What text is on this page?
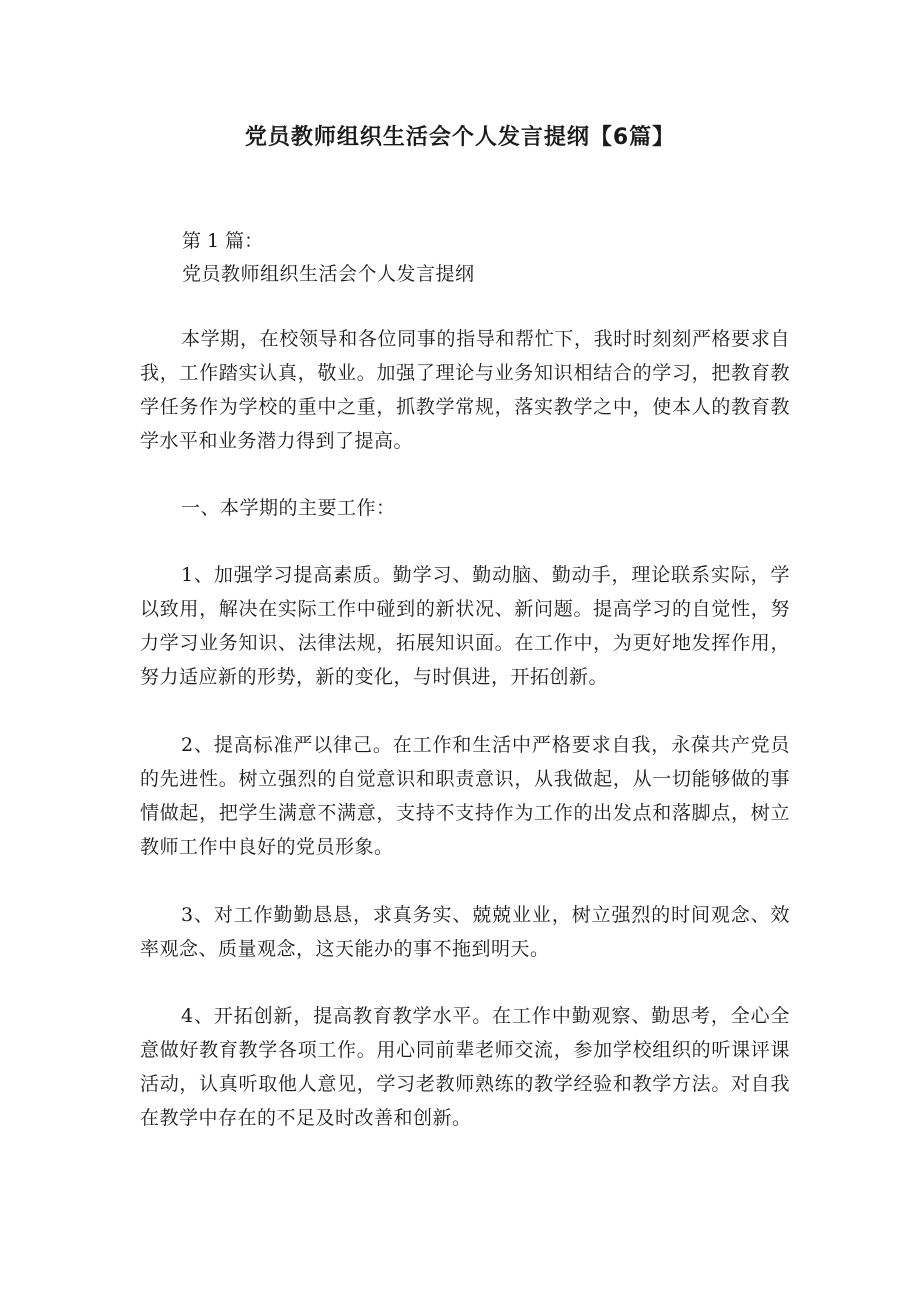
党员教师组织生活会个人发言提纲【6篇】

第 1 篇：

党员教师组织生活会个人发言提纲

本学期，在校领导和各位同事的指导和帮忙下，我时时刻刻严格要求自我，工作踏实认真，敬业。加强了理论与业务知识相结合的学习，把教育教学任务作为学校的重中之重，抓教学常规，落实教学之中，使本人的教育教学水平和业务潜力得到了提高。

一、本学期的主要工作：

1、加强学习提高素质。勤学习、勤动脑、勤动手，理论联系实际，学以致用，解决在实际工作中碰到的新状况、新问题。提高学习的自觉性，努力学习业务知识、法律法规，拓展知识面。在工作中，为更好地发挥作用，努力适应新的形势，新的变化，与时俱进，开拓创新。

2、提高标准严以律己。在工作和生活中严格要求自我，永葆共产党员的先进性。树立强烈的自觉意识和职责意识，从我做起，从一切能够做的事情做起，把学生满意不满意，支持不支持作为工作的出发点和落脚点，树立教师工作中良好的党员形象。

3、对工作勤勤恳恳，求真务实、兢兢业业，树立强烈的时间观念、效率观念、质量观念，这天能办的事不拖到明天。

4、开拓创新，提高教育教学水平。在工作中勤观察、勤思考，全心全意做好教育教学各项工作。用心同前辈老师交流，参加学校组织的听课评课活动，认真听取他人意见，学习老教师熟练的教学经验和教学方法。对自我在教学中存在的不足及时改善和创新。
